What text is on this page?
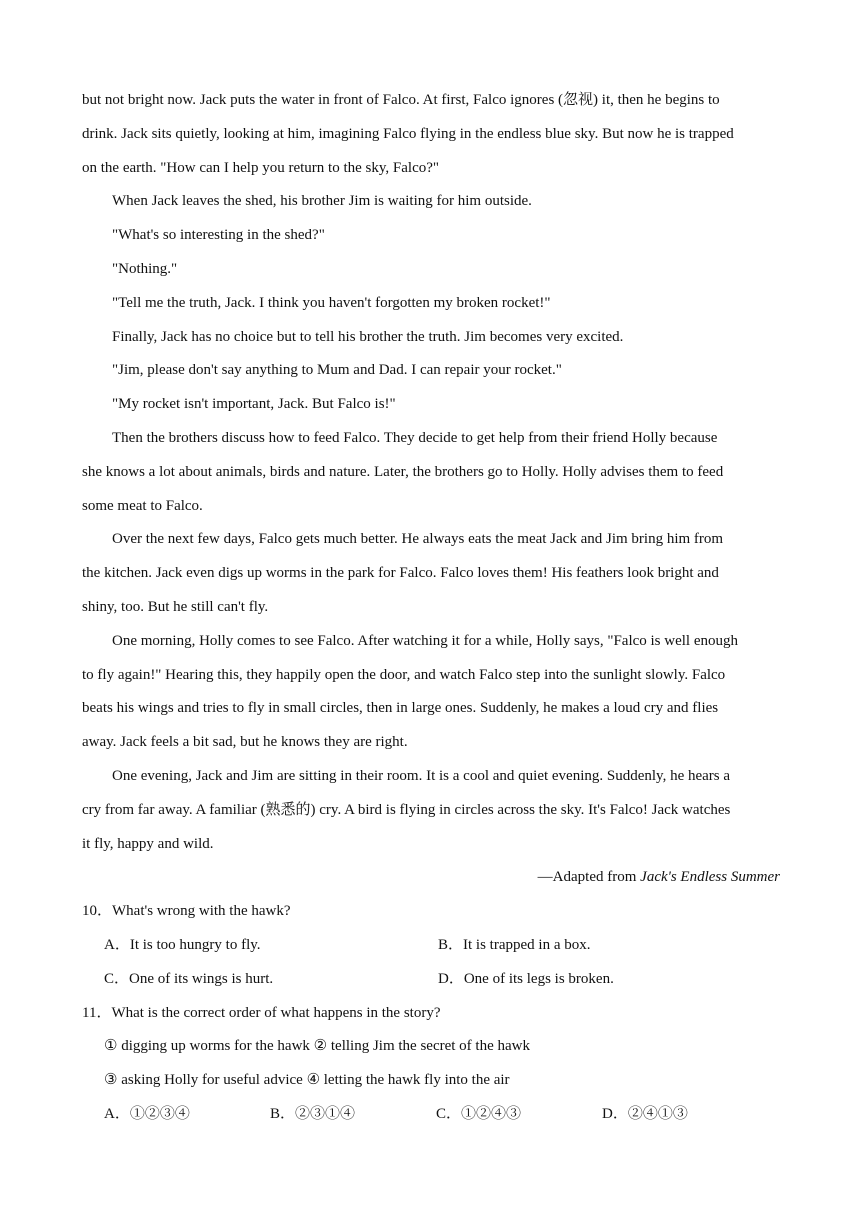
but not bright now. Jack puts the water in front of Falco. At first, Falco ignores (忽视) it, then he begins to
drink. Jack sits quietly, looking at him, imagining Falco flying in the endless blue sky. But now he is trapped
on the earth. "How can I help you return to the sky, Falco?"
When Jack leaves the shed, his brother Jim is waiting for him outside.
"What's so interesting in the shed?"
"Nothing."
"Tell me the truth, Jack. I think you haven't forgotten my broken rocket!"
Finally, Jack has no choice but to tell his brother the truth. Jim becomes very excited.
"Jim, please don't say anything to Mum and Dad. I can repair your rocket."
"My rocket isn't important, Jack. But Falco is!"
Then the brothers discuss how to feed Falco. They decide to get help from their friend Holly because
she knows a lot about animals, birds and nature. Later, the brothers go to Holly. Holly advises them to feed
some meat to Falco.
Over the next few days, Falco gets much better. He always eats the meat Jack and Jim bring him from
the kitchen. Jack even digs up worms in the park for Falco. Falco loves them! His feathers look bright and
shiny, too. But he still can't fly.
One morning, Holly comes to see Falco. After watching it for a while, Holly says, "Falco is well enough
to fly again!" Hearing this, they happily open the door, and watch Falco step into the sunlight slowly. Falco
beats his wings and tries to fly in small circles, then in large ones. Suddenly, he makes a loud cry and flies
away. Jack feels a bit sad, but he knows they are right.
One evening, Jack and Jim are sitting in their room. It is a cool and quiet evening. Suddenly, he hears a
cry from far away. A familiar (熟悉的) cry. A bird is flying in circles across the sky. It's Falco! Jack watches
it fly, happy and wild.
—Adapted from Jack's Endless Summer
10．What's wrong with the hawk?
A．It is too hungry to fly.	B．It is trapped in a box.
C．One of its wings is hurt.	D．One of its legs is broken.
11．What is the correct order of what happens in the story?
① digging up worms for the hawk ② telling Jim the secret of the hawk
③ asking Holly for useful advice ④ letting the hawk fly into the air
A．①②③④	B．②③①④	C．①②④③	D．②④①③
